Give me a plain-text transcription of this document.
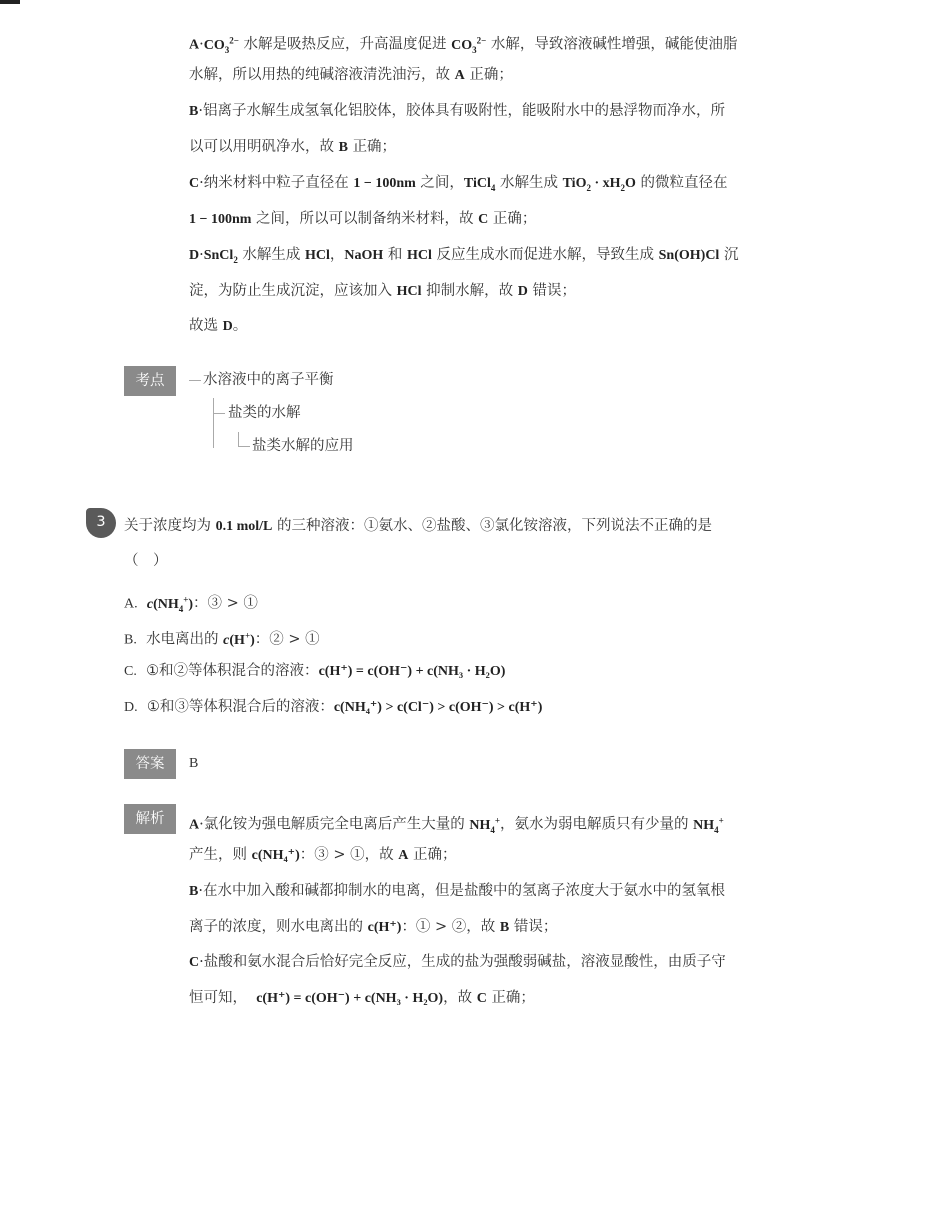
$A\cdot CO_3^{2-}$ 水解是吸热反应，升高温度促进 $CO_3^{2-}$ 水解，导致溶液碱性增强，碱能使油脂
水解，所以用热的纯碱溶液清洗油污，故 A 正确；
B·铝离子水解生成氢氧化铝胶体，胶体具有吸附性，能吸附水中的悬浮物而净水，所
以可以用明矾净水，故 B 正确；
C·纳米材料中粒子直径在 1 − 100nm 之间，TiCl$_4$ 水解生成 $TiO_2 \cdot xH_2O$ 的微粒直径在
1 − 100nm 之间，所以可以制备纳米材料，故 C 正确；
D·SnCl$_2$ 水解生成 HCl，NaOH 和 HCl 反应生成水而促进水解，导致生成 Sn(OH)Cl 沉
淀，为防止生成沉淀，应该加入 HCl 抑制水解，故 D 错误；
故选 D。
考点	水溶液中的离子平衡
盐类的水解
盐类水解的应用
3	关于浓度均为 0.1 mol/L 的三种溶液：①氨水、②盐酸、③氯化铵溶液，下列说法不正确的是
（　）
A. $c(NH_4^+)$：③ > ①
B. 水电离出的 c(H+)：② > ①
C. ①和②等体积混合的溶液：c(H⁺) = c(OH⁻) + c(NH₃ · H₂O)
D. ①和③等体积混合后的溶液：c(NH₄⁺) > c(Cl⁻) > c(OH⁻) > c(H⁺)
答案	B
解析	A·氯化铵为强电解质完全电离后产生大量的 $NH_4^+$，氨水为弱电解质只有少量的 $NH_4^+$
产生，则 c(NH₄⁺)：③ > ①，故 A 正确；
B·在水中加入酸和碱都抑制水的电离，但是盐酸中的氢离子浓度大于氨水中的氢氧根
离子的浓度，则水电离出的 c(H⁺)：① > ②，故 B 错误；
C·盐酸和氨水混合后恰好完全反应，生成的盐为强酸弱碱盐，溶液显酸性，由质子守
恒可知， c(H⁺) = c(OH⁻) + c(NH₃ · H₂O)，故 C 正确；
